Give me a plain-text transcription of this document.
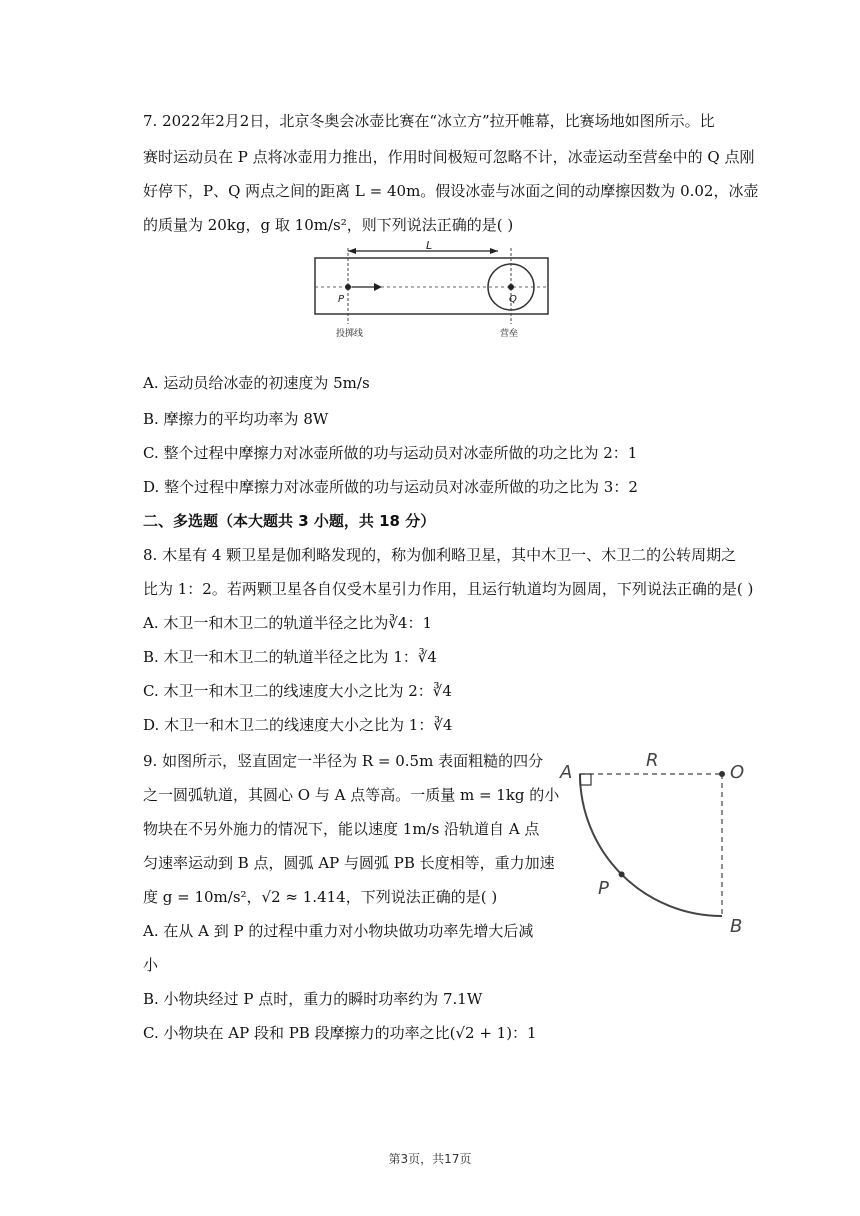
7. 2022年2月2日，北京冬奥会冰壶比赛在“冰立方”拉开帷幕，比赛场地如图所示。比
赛时运动员在 P 点将冰壶用力推出，作用时间极短可忽略不计，冰壶运动至营垒中的 Q 点刚
好停下，P、Q 两点之间的距离 L = 40m。假设冰壶与冰面之间的动摩擦因数为 0.02，冰壶
的质量为 20kg，g 取 10m/s²，则下列说法正确的是( )
L
P	Q
投掷线	营垒
A. 运动员给冰壶的初速度为 5m/s
B. 摩擦力的平均功率为 8W
C. 整个过程中摩擦力对冰壶所做的功与运动员对冰壶所做的功之比为 2：1
D. 整个过程中摩擦力对冰壶所做的功与运动员对冰壶所做的功之比为 3：2
二、多选题（本大题共 3 小题，共 18 分）
8. 木星有 4 颗卫星是伽利略发现的，称为伽利略卫星，其中木卫一、木卫二的公转周期之
比为 1：2。若两颗卫星各自仅受木星引力作用，且运行轨道均为圆周，下列说法正确的是( )
A. 木卫一和木卫二的轨道半径之比为∛4：1
B. 木卫一和木卫二的轨道半径之比为 1：∛4
C. 木卫一和木卫二的线速度大小之比为 2：∛4
D. 木卫一和木卫二的线速度大小之比为 1：∛4
9. 如图所示，竖直固定一半径为 R = 0.5m 表面粗糙的四分
之一圆弧轨道，其圆心 O 与 A 点等高。一质量 m = 1kg 的小
物块在不另外施力的情况下，能以速度 1m/s 沿轨道自 A 点
匀速率运动到 B 点，圆弧 AP 与圆弧 PB 长度相等，重力加速
度 g = 10m/s²，√2 ≈ 1.414，下列说法正确的是( )
A
R
O
P
B
A. 在从 A 到 P 的过程中重力对小物块做功功率先增大后减
小
B. 小物块经过 P 点时，重力的瞬时功率约为 7.1W
C. 小物块在 AP 段和 PB 段摩擦力的功率之比(√2 + 1)：1
第3页，共17页
